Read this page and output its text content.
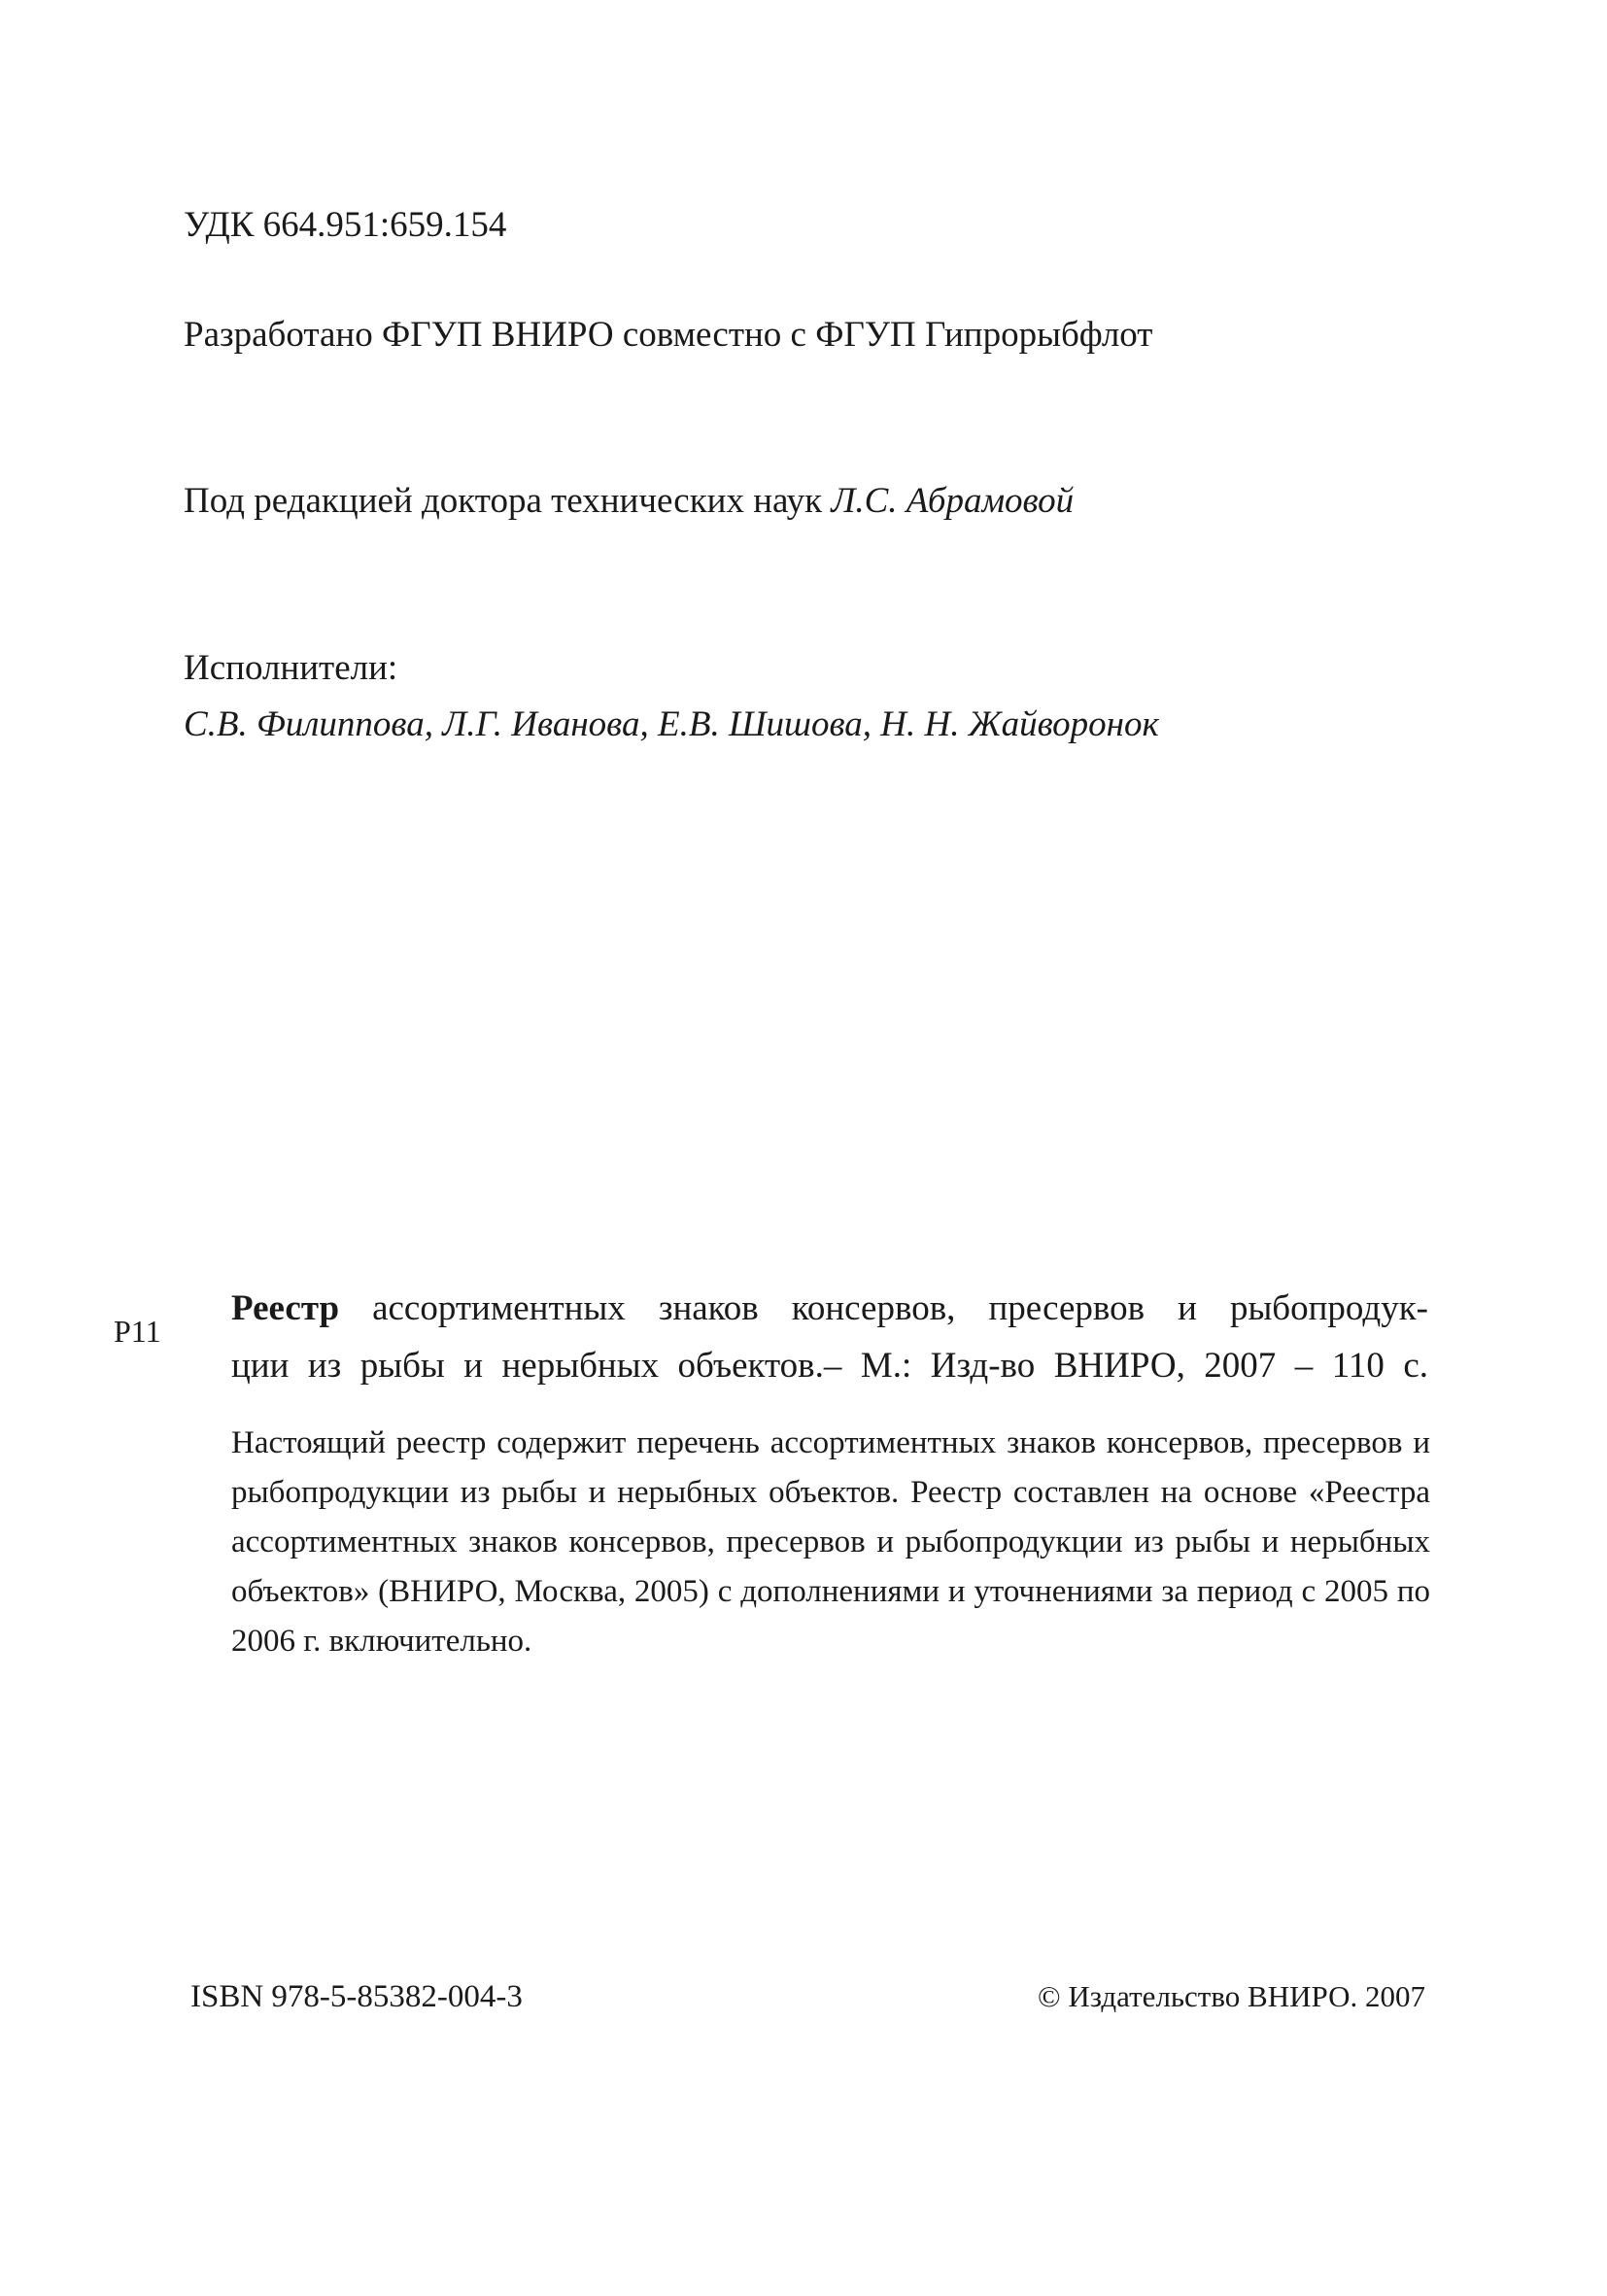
УДК 664.951:659.154
Разработано ФГУП ВНИРО совместно с ФГУП Гипрорыбфлот
Под редакцией доктора технических наук Л.С. Абрамовой
Исполнители:
С.В. Филиппова, Л.Г. Иванова, Е.В. Шишова, Н. Н. Жайворонок
Р11
Реестр ассортиментных знаков консервов, пресервов и рыбопродук-
ции из рыбы и нерыбных объектов.– М.: Изд-во ВНИРО, 2007 – 110 с.
Настоящий реестр содержит перечень ассортиментных знаков консервов, пресервов и рыбопродукции из рыбы и нерыбных объектов. Реестр составлен на основе «Реестра ассортиментных знаков консервов, пресервов и рыбопродукции из рыбы и нерыбных объектов» (ВНИРО, Москва, 2005) с дополнениями и уточнениями за период с 2005 по 2006 г. включительно.
ISBN 978-5-85382-004-3	© Издательство ВНИРО. 2007
